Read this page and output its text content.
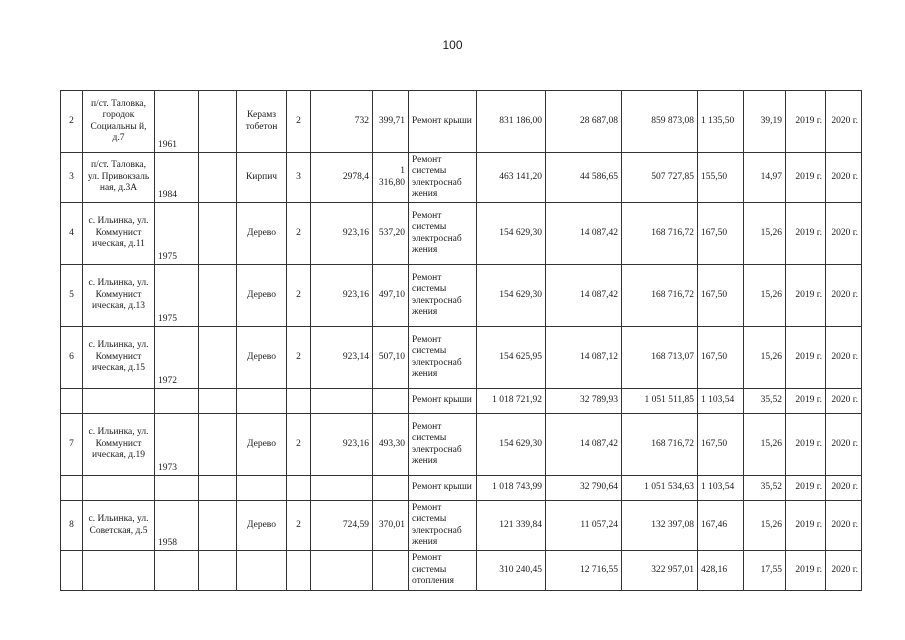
100
2	п/ст. Таловка, городок Социальны й, д.7	1961		Керамз тобетон	2	732	399,71	Ремонт крыши	831 186,00	28 687,08	859 873,08	1 135,50	39,19	2019 г.	2020 г.
3	п/ст. Таловка, ул. Привокзаль ная, д.3А	1984		Кирпич	3	2978,4	1 316,80	Ремонт системы электроснаб жения	463 141,20	44 586,65	507 727,85	155,50	14,97	2019 г.	2020 г.
4	с. Ильинка, ул. Коммунист ическая, д.11	1975		Дерево	2	923,16	537,20	Ремонт системы электроснаб жения	154 629,30	14 087,42	168 716,72	167,50	15,26	2019 г.	2020 г.
5	с. Ильинка, ул. Коммунист ическая, д.13	1975		Дерево	2	923,16	497,10	Ремонт системы электроснаб жения	154 629,30	14 087,42	168 716,72	167,50	15,26	2019 г.	2020 г.
6	с. Ильинка, ул. Коммунист ическая, д.15	1972		Дерево	2	923,14	507,10	Ремонт системы электроснаб жения	154 625,95	14 087,12	168 713,07	167,50	15,26	2019 г.	2020 г.
								Ремонт крыши	1 018 721,92	32 789,93	1 051 511,85	1 103,54	35,52	2019 г.	2020 г.
7	с. Ильинка, ул. Коммунист ическая, д.19	1973		Дерево	2	923,16	493,30	Ремонт системы электроснаб жения	154 629,30	14 087,42	168 716,72	167,50	15,26	2019 г.	2020 г.
								Ремонт крыши	1 018 743,99	32 790,64	1 051 534,63	1 103,54	35,52	2019 г.	2020 г.
8	с. Ильинка, ул. Советская, д.5	1958		Дерево	2	724,59	370,01	Ремонт системы электроснаб жения	121 339,84	11 057,24	132 397,08	167,46	15,26	2019 г.	2020 г.
								Ремонт системы отопления	310 240,45	12 716,55	322 957,01	428,16	17,55	2019 г.	2020 г.
